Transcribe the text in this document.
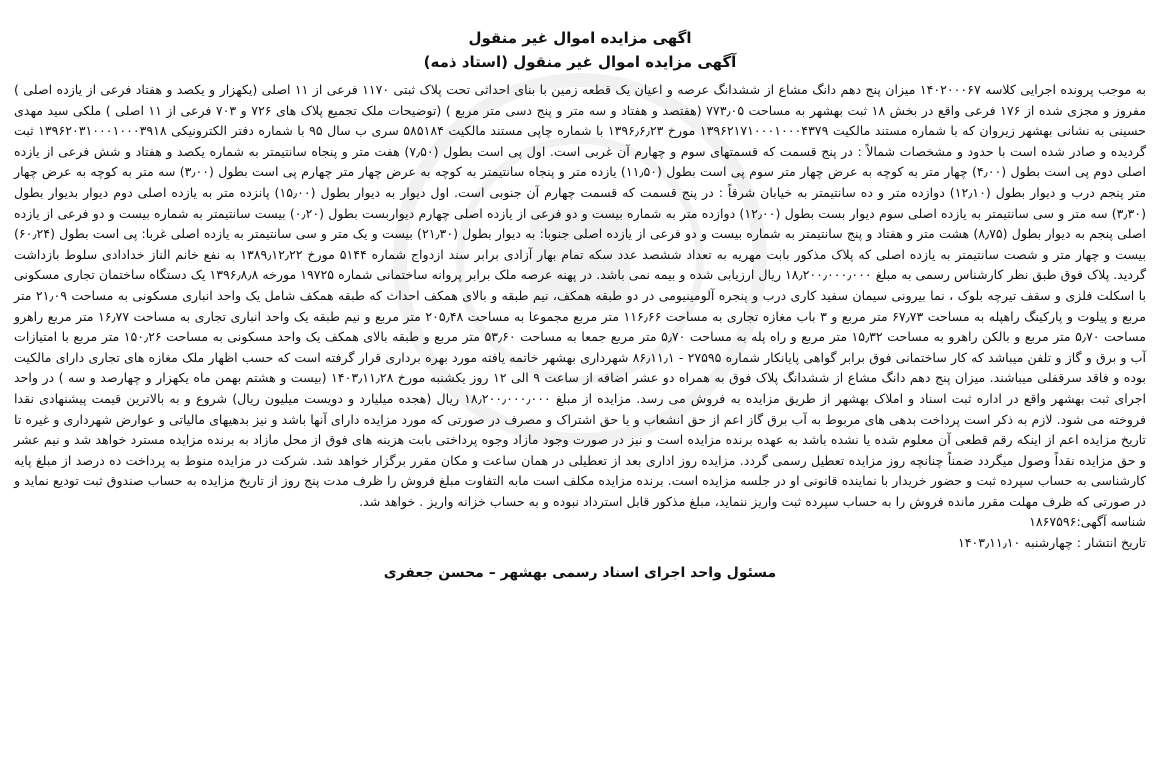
اگهی مزایده اموال غیر منقول

آگهی مزایده اموال غیر منقول (استاد ذمه)

به موجب پرونده اجرایی کلاسه ۱۴۰۲۰۰۰۶۷ میزان پنج دهم دانگ مشاع از ششدانگ عرصه و اعیان یک قطعه زمین با بنای احداثی تحت پلاک ثبتی ۱۱۷۰ فرعی از ۱۱ اصلی (یکهزار و یکصد و هفتاد فرعی از یازده اصلی ) مفروز و مجزی شده از ۱۷۶ فرعی واقع در بخش ۱۸ ثبت بهشهر به مساحت ۷۷۳٫۰۵ (هفتصد و هفتاد و سه متر و پنج دسی متر مربع ) (توضیحات ملک تجمیع پلاک های ۷۲۶ و ۷۰۳ فرعی از ۱۱ اصلی ) ملکی سید مهدی حسینی به نشانی بهشهر زیروان که با شماره مستند مالکیت ۱۳۹۶۲۱۷۱۰۰۰۱۰۰۰۴۳۷۹ مورخ ۱۳۹۶٫۶٫۲۳ با شماره چاپی مستند مالکیت ۵۸۵۱۸۴ سری ب سال ۹۵ با شماره دفتر الکترونیکی ۱۳۹۶۲۰۳۱۰۰۰۱۰۰۰۳۹۱۸ ثبت گردیده و صادر شده است با حدود و مشخصات شمالاً : در پنج قسمت که قسمتهای سوم و چهارم آن غربی است. اول پی است بطول (۷٫۵۰) هفت متر و پنجاه سانتیمتر به شماره یکصد و هفتاد و شش فرعی از یازده اصلی دوم پی است بطول (۴٫۰۰) چهار متر به کوچه به عرض چهار متر سوم پی است بطول (۱۱٫۵۰) یازده متر و پنجاه سانتیمتر به کوچه به عرض چهار متر چهارم پی است بطول (۳٫۰۰) سه متر به کوچه به عرض چهار متر پنجم درب و دیوار بطول (۱۲٫۱۰) دوازده متر و ده سانتیمتر به خیابان شرقاً : در پنج قسمت که قسمت چهارم آن جنوبی است. اول دیوار به دیوار بطول (۱۵٫۰۰) پانزده متر به یازده اصلی دوم دیوار بدیوار بطول (۳٫۳۰) سه متر و سی سانتیمتر به یازده اصلی سوم دیوار بست بطول (۱۲٫۰۰) دوازده متر به شماره بیست و دو فرعی از یازده اصلی چهارم دیواربست بطول (۰٫۲۰) بیست سانتیمتر به شماره بیست و دو فرعی از یازده اصلی پنجم به دیوار بطول (۸٫۷۵) هشت متر و هفتاد و پنج سانتیمتر به شماره بیست و دو فرعی از یازده اصلی جنوبا: به دیوار بطول (۲۱٫۳۰) بیست و یک متر و سی سانتیمتر به یازده اصلی غربا: پی است بطول (۶۰٫۲۴) بیست و چهار متر و شصت سانتیمتر به یازده اصلی که پلاک مذکور بابت مهریه به تعداد ششصد عدد سکه تمام بهار آزادی برابر سند ازدواج شماره ۵۱۴۴ مورخ ۱۳۸۹٫۱۲٫۲۲ به نفع خانم الناز خدادادی سلوط بازداشت گردید. پلاک فوق طبق نظر کارشناس رسمی به مبلغ ۱۸٫۲۰۰٫۰۰۰٫۰۰۰ ریال ارزیابی شده و بیمه نمی باشد. در پهنه عرصه ملک برابر پروانه ساختمانی شماره ۱۹۷۲۵ مورخه ۱۳۹۶٫۸٫۸ یک دستگاه ساختمان تجاری مسکونی با اسکلت فلزی و سقف تیرچه بلوک ، نما بیرونی سیمان سفید کاری درب و پنجره آلومینیومی در دو طبقه همکف، نیم طبقه و بالای همکف احداث که طبقه همکف شامل یک واحد انباری مسکونی به مساحت ۲۱٫۰۹ متر مربع و پیلوت و پارکینگ راهپله به مساحت ۶۷٫۷۳ متر مربع و ۳ باب مغازه تجاری به مساحت ۱۱۶٫۶۶ متر مربع مجموعا به مساحت ۲۰۵٫۴۸ متر مربع و نیم طبقه یک واحد انباری تجاری به مساحت ۱۶٫۷۷ متر مربع راهرو مساحت ۵٫۷۰ متر مربع و بالکن راهرو به مساحت ۱۵٫۳۲ متر مربع و راه پله به مساحت ۵٫۷۰ متر مربع جمعا به مساحت ۵۳٫۶۰ متر مربع و طبقه بالای همکف یک واحد مسکونی به مساحت ۱۵۰٫۲۶ متر مربع با امتیازات آب و برق و گاز و تلفن میباشد که کار ساختمانی فوق برابر گواهی پایانکار شماره ۲۷۵۹۵ - ۸۶٫۱۱٫۱ شهرداری بهشهر خاتمه یافته مورد بهره برداری قرار گرفته است که حسب اظهار ملک مغازه های تجاری دارای مالکیت بوده و فاقد سرقفلی میباشند. میزان پنج دهم دانگ مشاع از ششدانگ پلاک فوق به همراه دو عشر اضافه از ساعت ۹ الی ۱۲ روز یکشنبه مورخ ۱۴۰۳٫۱۱٫۲۸ (بیست و هشتم بهمن ماه یکهزار و چهارصد و سه ) در واحد اجرای ثبت بهشهر واقع در اداره ثبت اسناد و املاک بهشهر از طریق مزایده به فروش می رسد. مزایده از مبلغ ۱۸٫۲۰۰٫۰۰۰٫۰۰۰ ریال (هجده میلیارد و دویست میلیون ریال) شروع و به بالاترین قیمت پیشنهادی نقدا فروخته می شود. لازم به ذکر است پرداخت بدهی های مربوط به آب برق گاز اعم از حق انشعاب و یا حق اشتراک و مصرف در صورتی که مورد مزایده دارای آنها باشد و نیز بدهیهای مالیاتی و عوارض شهرداری و غیره تا تاریخ مزایده اعم از اینکه رقم قطعی آن معلوم شده یا نشده باشد به عهده برنده مزایده است و نیز در صورت وجود مازاد وجوه پرداختی بابت هزینه های فوق از محل مازاد به برنده مزایده مسترد خواهد شد و نیم عشر و حق مزایده نقداً وصول میگردد ضمناً چنانچه روز مزایده تعطیل رسمی گردد. مزایده روز اداری بعد از تعطیلی در همان ساعت و مکان مقرر برگزار خواهد شد. شرکت در مزایده منوط به پرداخت ده درصد از مبلغ پایه کارشناسی به حساب سپرده ثبت و حضور خریدار با نماینده قانونی او در جلسه مزایده است. برنده مزایده مکلف است مابه التفاوت مبلغ فروش را ظرف مدت پنج روز از تاریخ مزایده به حساب صندوق ثبت تودیع نماید و در صورتی که ظرف مهلت مقرر مانده فروش را به حساب سپرده ثبت واریز ننماید، مبلغ مذکور قابل استرداد نبوده و به حساب خزانه واریز . خواهد شد.

شناسه آگهی:۱۸۶۷۵۹۶

تاریخ انتشار : چهارشنبه ۱۴۰۳٫۱۱٫۱۰

مسئول واحد اجرای اسناد رسمی بهشهر – محسن جعفری
